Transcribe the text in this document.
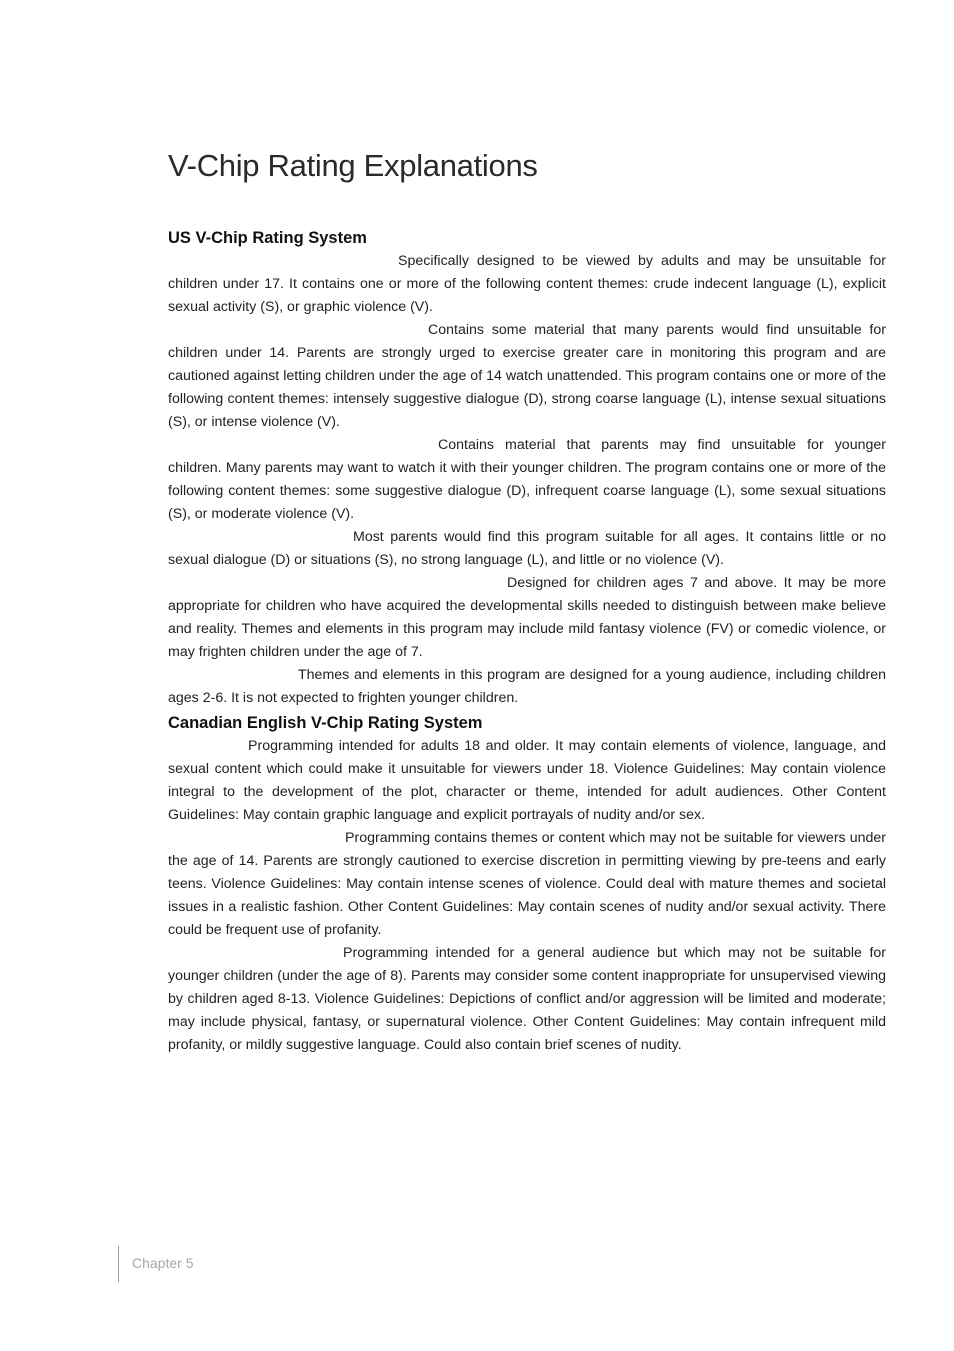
V-Chip Rating Explanations
US V-Chip Rating System

Specifically designed to be viewed by adults and may be unsuitable for children under 17. It contains one or more of the following content themes: crude indecent language (L), explicit sexual activity (S), or graphic violence (V).

Contains some material that many parents would find unsuitable for children under 14. Parents are strongly urged to exercise greater care in monitoring this program and are cautioned against letting children under the age of 14 watch unattended. This program contains one or more of the following content themes: intensely suggestive dialogue (D), strong coarse language (L), intense sexual situations (S), or intense violence (V).

Contains material that parents may find unsuitable for younger children. Many parents may want to watch it with their younger children. The program contains one or more of the following content themes: some suggestive dialogue (D), infrequent coarse language (L), some sexual situations (S), or moderate violence (V).

Most parents would find this program suitable for all ages. It contains little or no sexual dialogue (D) or situations (S), no strong language (L), and little or no violence (V).

Designed for children ages 7 and above. It may be more appropriate for children who have acquired the developmental skills needed to distinguish between make believe and reality. Themes and elements in this program may include mild fantasy violence (FV) or comedic violence, or may frighten children under the age of 7.

Themes and elements in this program are designed for a young audience, including children ages 2-6. It is not expected to frighten younger children.

Canadian English V-Chip Rating System

Programming intended for adults 18 and older. It may contain elements of violence, language, and sexual content which could make it unsuitable for viewers under 18. Violence Guidelines: May contain violence integral to the development of the plot, character or theme, intended for adult audiences. Other Content Guidelines: May contain graphic language and explicit portrayals of nudity and/or sex.

Programming contains themes or content which may not be suitable for viewers under the age of 14. Parents are strongly cautioned to exercise discretion in permitting viewing by pre-teens and early teens. Violence Guidelines: May contain intense scenes of violence. Could deal with mature themes and societal issues in a realistic fashion. Other Content Guidelines: May contain scenes of nudity and/or sexual activity. There could be frequent use of profanity.

Programming intended for a general audience but which may not be suitable for younger children (under the age of 8). Parents may consider some content inappropriate for unsupervised viewing by children aged 8-13. Violence Guidelines: Depictions of conflict and/or aggression will be limited and moderate; may include physical, fantasy, or supernatural violence. Other Content Guidelines: May contain infrequent mild profanity, or mildly suggestive language. Could also contain brief scenes of nudity.

Chapter 5
